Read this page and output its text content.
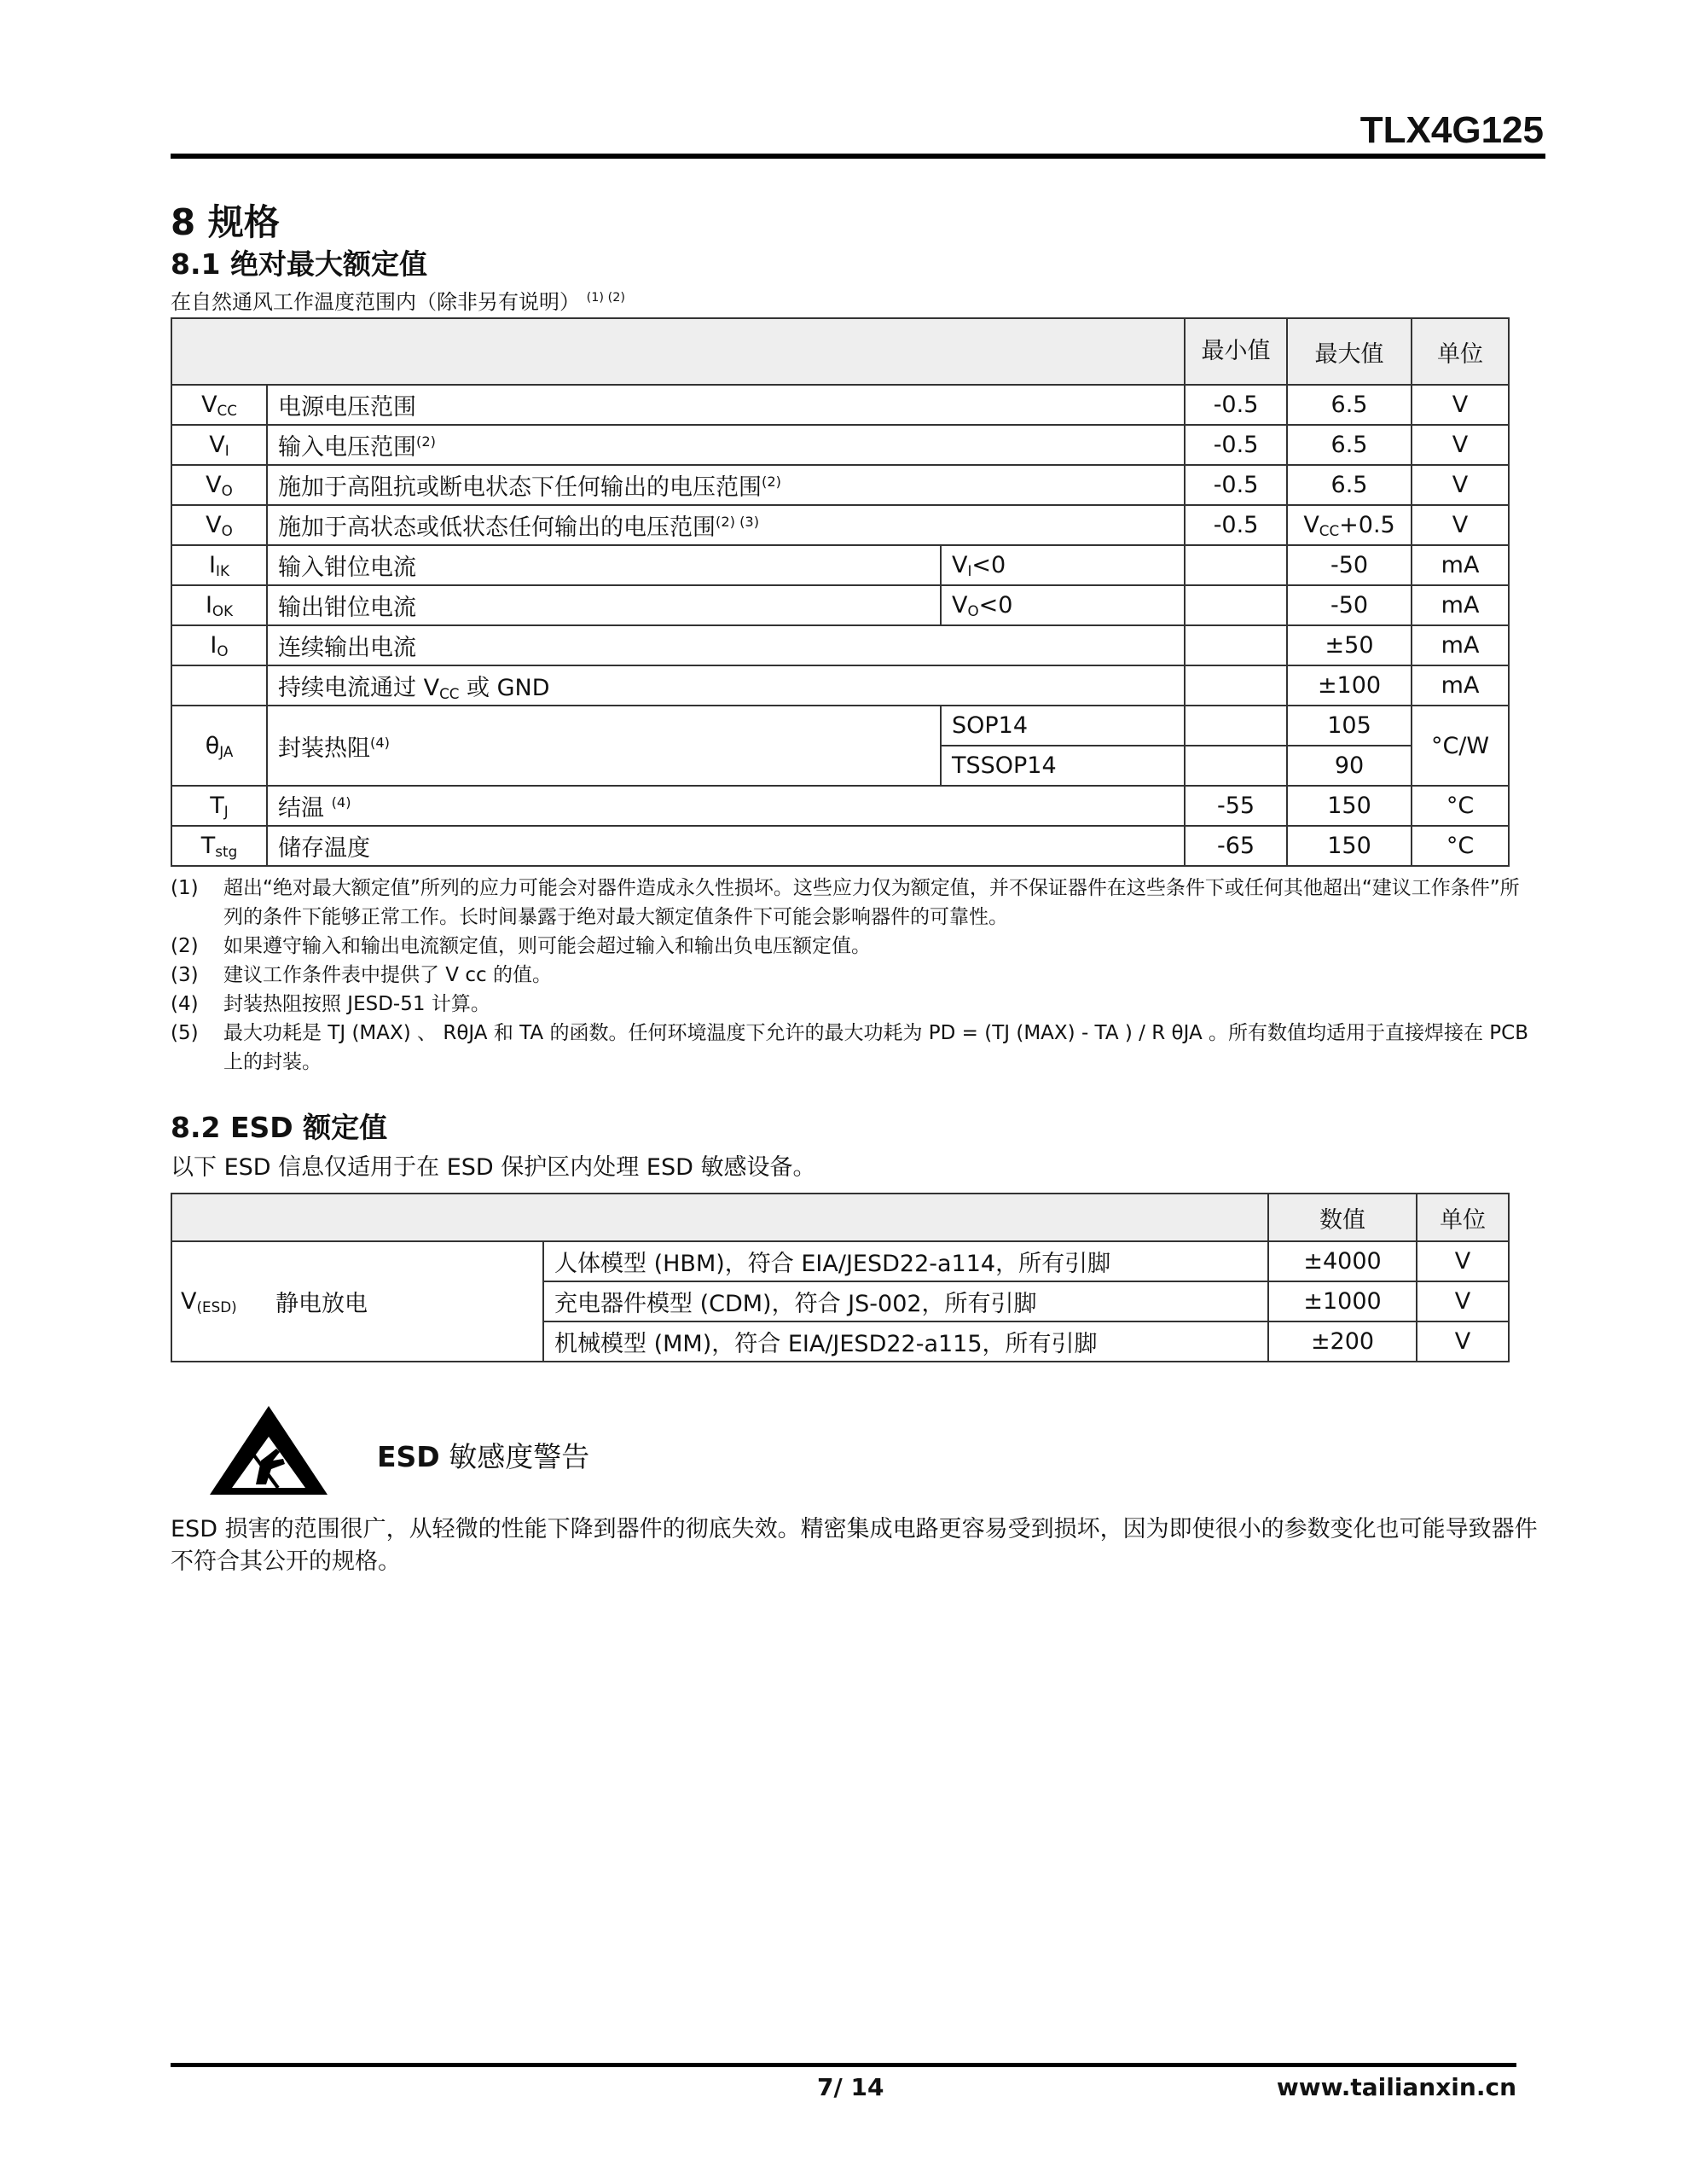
TLX4G125
8 规格
8.1 绝对最大额定值
在自然通风工作温度范围内（除非另有说明） $^{(1) (2)}$
			最小值	最大值	单位
$V_{CC}$	电源电压范围		-0.5	6.5	V
$V_I$	输入电压范围$^{(2)}$		-0.5	6.5	V
$V_O$	施加于高阻抗或断电状态下任何输出的电压范围$^{(2)}$		-0.5	6.5	V
$V_O$	施加于高状态或低状态任何输出的电压范围$^{(2) (3)}$		-0.5	$V_{CC}+0.5$	V
$I_{IK}$	输入钳位电流	$V_I<0$		-50	mA
$I_{OK}$	输出钳位电流	$V_O<0$		-50	mA
$I_O$	连续输出电流			±50	mA
	持续电流通过 $V_{CC}$ 或 GND			±100	mA
$\theta_{JA}$	封装热阻$^{(4)}$	SOP14		105	°C/W
		TSSOP14		90	
$T_J$	结温 $^{(4)}$		-55	150	°C
$T_{stg}$	储存温度		-65	150	°C
(1) 超出“绝对最大额定值”所列的应力可能会对器件造成永久性损坏。这些应力仅为额定值，并不保证器件在这些条件下或任何其他超出“建议工作条件”所列的条件下能够正常工作。长时间暴露于绝对最大额定值条件下可能会影响器件的可靠性。
(2) 如果遵守输入和输出电流额定值，则可能会超过输入和输出负电压额定值。
(3) 建议工作条件表中提供了 V cc 的值。
(4) 封装热阻按照 JESD-51 计算。
(5) 最大功耗是 TJ (MAX) 、 RθJA 和 TA 的函数。任何环境温度下允许的最大功耗为 PD = (TJ (MAX) - TA ) / R θJA 。所有数值均适用于直接焊接在 PCB 上的封装。
8.2 ESD 额定值
以下 ESD 信息仅适用于在 ESD 保护区内处理 ESD 敏感设备。
			数值	单位
$V_{(ESD)}$	静电放电	人体模型 (HBM)，符合 EIA/JESD22-a114，所有引脚	±4000	V
		充电器件模型 (CDM)，符合 JS-002，所有引脚	±1000	V
		机械模型 (MM)，符合 EIA/JESD22-a115，所有引脚	±200	V
ESD 敏感度警告
ESD 损害的范围很广，从轻微的性能下降到器件的彻底失效。精密集成电路更容易受到损坏，因为即使很小的参数变化也可能导致器件不符合其公开的规格。
7/ 14	www.tailianxin.cn
